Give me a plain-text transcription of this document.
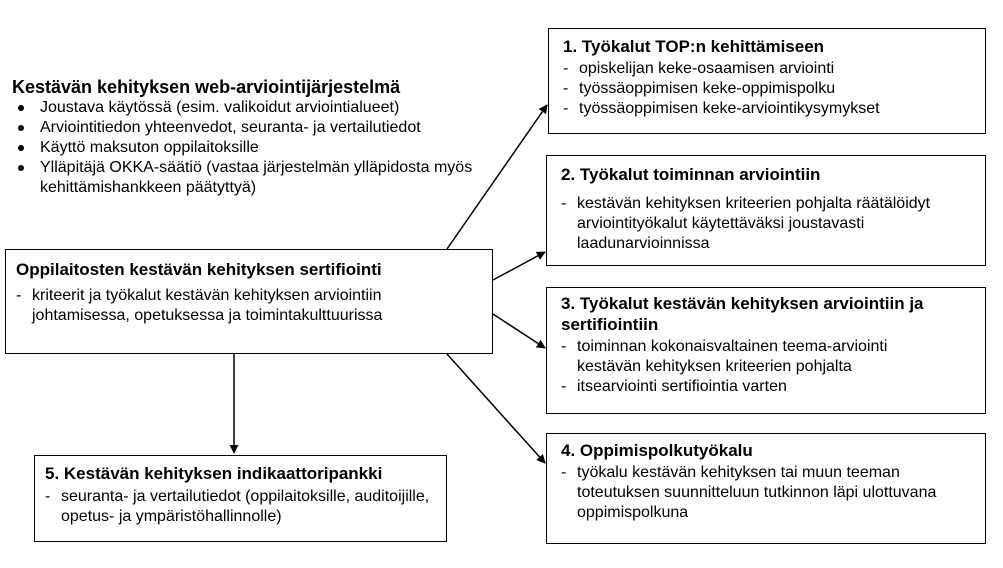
Kestävän kehityksen web-arviointijärjestelmä
Joustava käytössä (esim. valikoidut arviointialueet)
Arviointitiedon yhteenvedot, seuranta- ja vertailutiedot
Käyttö maksuton oppilaitoksille
Ylläpitäjä OKKA-säätiö (vastaa järjestelmän ylläpidosta myös kehittämishankkeen päätyttyä)
Oppilaitosten kestävän kehityksen sertifiointi
- kriteerit ja työkalut kestävän kehityksen arviointiin johtamisessa, opetuksessa ja toimintakulttuurissa
1. Työkalut TOP:n kehittämiseen
- opiskelijan keke-osaamisen arviointi
- työssäoppimisen keke-oppimispolku
- työssäoppimisen keke-arviointikysymykset
2. Työkalut toiminnan arviointiin
- kestävän kehityksen kriteerien pohjalta räätälöidyt arviointityökalut käytettäväksi joustavasti laadunarvioinnissa
3. Työkalut kestävän kehityksen arviointiin ja sertifiointiin
- toiminnan kokonaisvaltainen teema-arviointi kestävän kehityksen kriteerien pohjalta
- itsearviointi sertifiointia varten
4. Oppimispolkutyökalu
- työkalu kestävän kehityksen tai muun teeman toteutuksen suunnitteluun tutkinnon läpi ulottuvana oppimispolkuna
5. Kestävän kehityksen indikaattoripankki
- seuranta- ja vertailutiedot (oppilaitoksille, auditoijille, opetus- ja ympäristöhallinnolle)
